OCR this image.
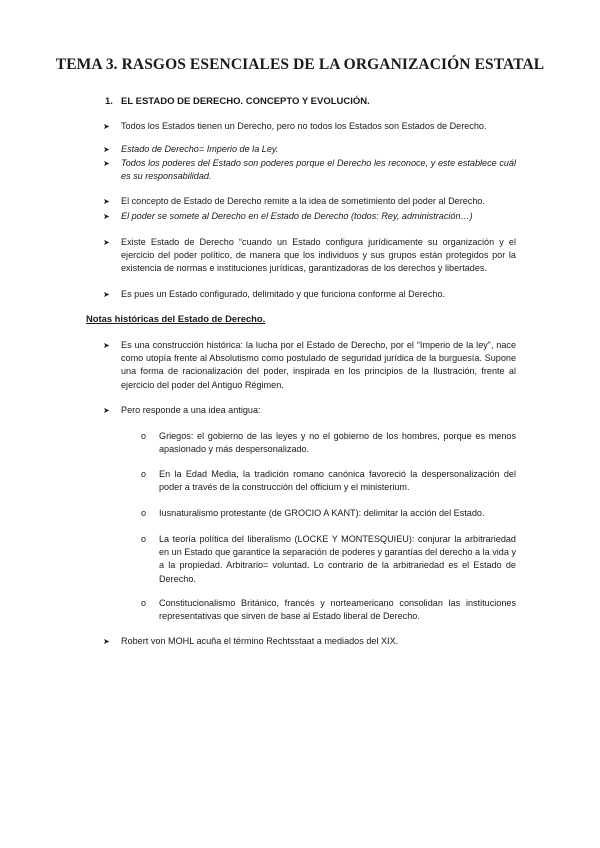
TEMA 3. RASGOS ESENCIALES DE LA ORGANIZACIÓN ESTATAL

1. EL ESTADO DE DERECHO. CONCEPTO Y EVOLUCIÓN.

➤ Todos los Estados tienen un Derecho, pero no todos los Estados son Estados de Derecho.

➤ Estado de Derecho= Imperio de la Ley.

➤ Todos los poderes del Estado son poderes porque el Derecho les reconoce, y este establece cuál es su responsabilidad.

➤ El concepto de Estado de Derecho remite a la idea de sometimiento del poder al Derecho.

➤ El poder se somete al Derecho en el Estado de Derecho (todos: Rey, administración…)

➤ Existe Estado de Derecho “cuando un Estado configura jurídicamente su organización y el ejercicio del poder político, de manera que los individuos y sus grupos están protegidos por la existencia de normas e instituciones jurídicas, garantizadoras de los derechos y libertades.

➤ Es pues un Estado configurado, delimitado y que funciona conforme al Derecho.

Notas históricas del Estado de Derecho.

➤ Es una construcción histórica: la lucha por el Estado de Derecho, por el “Imperio de la ley”, nace como utopía frente al Absolutismo como postulado de seguridad jurídica de la burguesía. Supone una forma de racionalización del poder, inspirada en los principios de la Ilustración, frente al ejercicio del poder del Antiguo Régimen.

➤ Pero responde a una idea antigua:

o Griegos: el gobierno de las leyes y no el gobierno de los hombres, porque es menos apasionado y más despersonalizado.

o En la Edad Media, la tradición romano canónica favoreció la despersonalización del poder a través de la construcción del officium y el ministerium.

o Iusnaturalismo protestante (de GROCIO A KANT): delimitar la acción del Estado.

o La teoría política del liberalismo (LOCKE Y MONTESQUIEU): conjurar la arbitrariedad en un Estado que garantice la separación de poderes y garantías del derecho a la vida y a la propiedad. Arbitrario= voluntad. Lo contrario de la arbitrariedad es el Estado de Derecho.

o Constitucionalismo Británico, francés y norteamericano consolidan las instituciones representativas que sirven de base al Estado liberal de Derecho.

➤ Robert von MOHL acuña el término Rechtsstaat a mediados del XIX.
